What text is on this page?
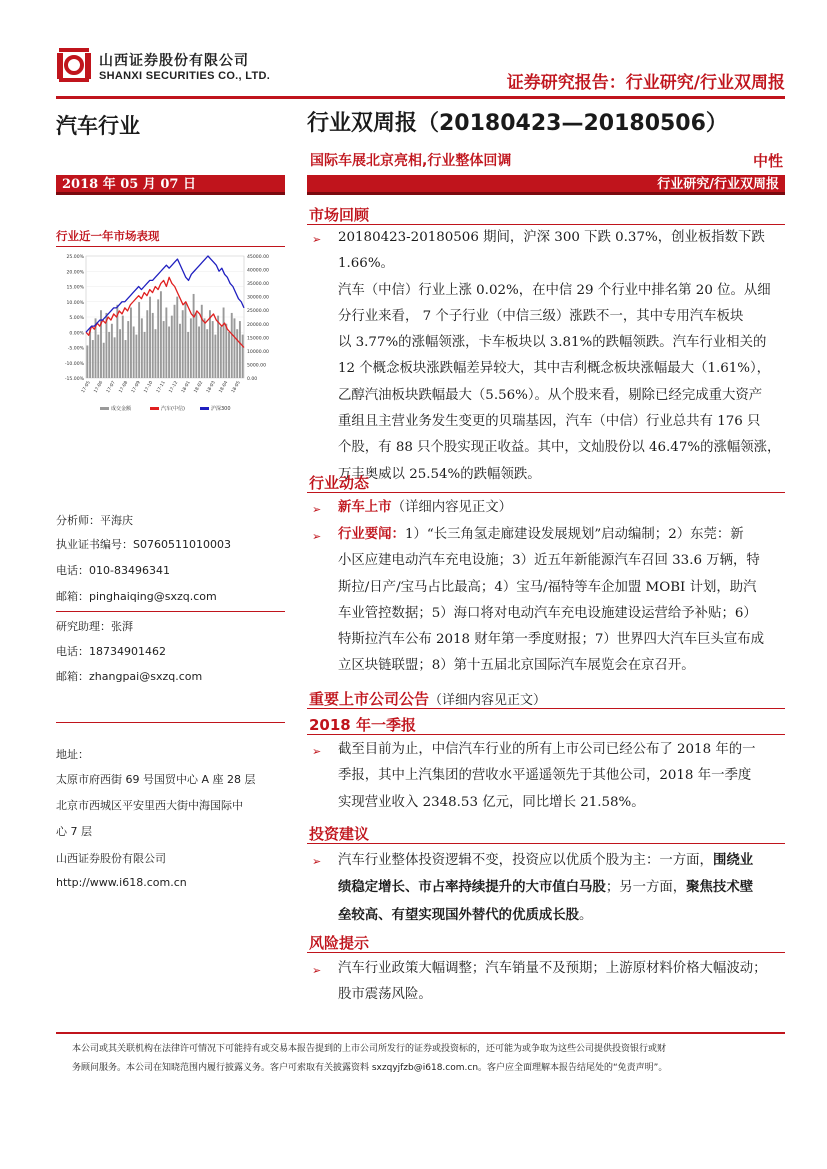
山西证券股份有限公司
SHANXI SECURITIES CO., LTD.	证券研究报告：行业研究/行业双周报
汽车行业	行业双周报（20180423—20180506）
国际车展北京亮相,行业整体回调	中性
2018 年 05 月 07 日	行业研究/行业双周报
行业近一年市场表现
25.00%
20.00%
15.00%
10.00%
5.00%
0.00%
-5.00%
-10.00%
-15.00%
45000.00
40000.00
35000.00
30000.00
25000.00
20000.00
15000.00
10000.00
5000.00
0.00
17-05 17-06 17-07 17-08 17-09 17-10 17-11 17-12 18-01 18-02 18-03 18-04 18-05
成交金额	汽车(中信)	沪深300
分析师：平海庆
执业证书编号：S0760511010003
电话：010-83496341
邮箱：pinghaiqing@sxzq.com
研究助理：张湃
电话：18734901462
邮箱：zhangpai@sxzq.com
地址：
太原市府西街 69 号国贸中心 A 座 28 层
北京市西城区平安里西大街中海国际中
心 7 层
山西证券股份有限公司
http://www.i618.com.cn
市场回顾
➢ 20180423-20180506 期间，沪深 300 下跌 0.37%，创业板指数下跌 1.66%。
汽车（中信）行业上涨 0.02%，在中信 29 个行业中排名第 20 位。从细
分行业来看， 7 个子行业（中信三级）涨跌不一，其中专用汽车板块
以 3.77%的涨幅领涨，卡车板块以 3.81%的跌幅领跌。汽车行业相关的
12 个概念板块涨跌幅差异较大，其中吉利概念板块涨幅最大（1.61%），
乙醇汽油板块跌幅最大（5.56%）。从个股来看，剔除已经完成重大资产
重组且主营业务发生变更的贝瑞基因，汽车（中信）行业总共有 176 只
个股，有 88 只个股实现正收益。其中，文灿股份以 46.47%的涨幅领涨，
万丰奥威以 25.54%的跌幅领跌。
行业动态
➢ 新车上市（详细内容见正文）
➢ 行业要闻：1）“长三角氢走廊建设发展规划”启动编制；2）东莞：新
小区应建电动汽车充电设施；3）近五年新能源汽车召回 33.6 万辆，特
斯拉/日产/宝马占比最高；4）宝马/福特等车企加盟 MOBI 计划，助汽
车业管控数据；5）海口将对电动汽车充电设施建设运营给予补贴；6）
特斯拉汽车公布 2018 财年第一季度财报；7）世界四大汽车巨头宣布成
立区块链联盟；8）第十五届北京国际汽车展览会在京召开。
重要上市公司公告（详细内容见正文）
2018 年一季报
➢ 截至目前为止，中信汽车行业的所有上市公司已经公布了 2018 年的一
季报，其中上汽集团的营收水平遥遥领先于其他公司，2018 年一季度
实现营业收入 2348.53 亿元，同比增长 21.58%。
投资建议
➢ 汽车行业整体投资逻辑不变，投资应以优质个股为主：一方面，围绕业
绩稳定增长、市占率持续提升的大市值白马股；另一方面，聚焦技术壁
垒较高、有望实现国外替代的优质成长股。
风险提示
➢ 汽车行业政策大幅调整；汽车销量不及预期；上游原材料价格大幅波动；
股市震荡风险。
本公司或其关联机构在法律许可情况下可能持有或交易本报告提到的上市公司所发行的证券或投资标的，还可能为或争取为这些公司提供投资银行或财
务顾问服务。本公司在知晓范围内履行披露义务。客户可索取有关披露资料 sxzqyjfzb@i618.com.cn。客户应全面理解本报告结尾处的“免责声明”。
